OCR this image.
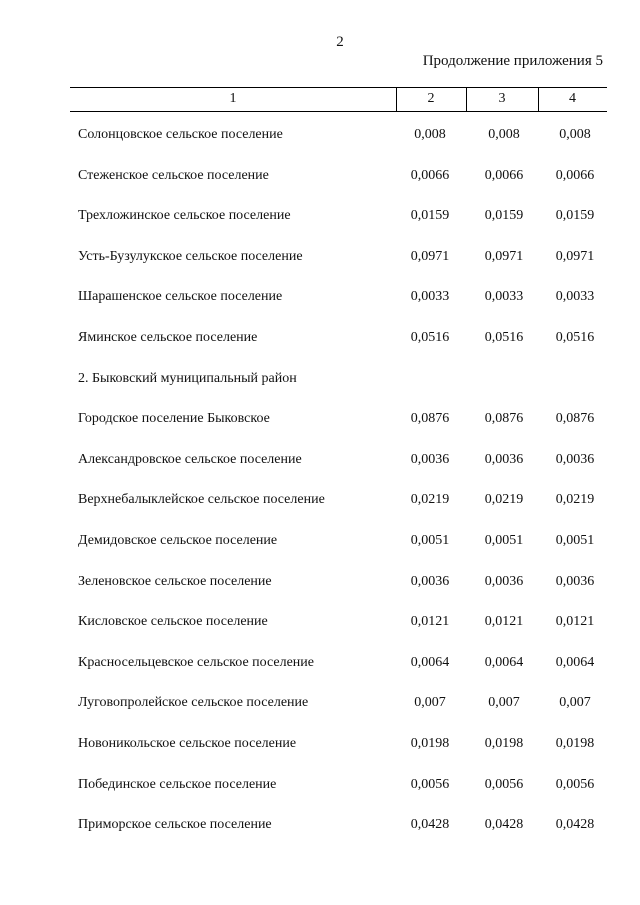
2
Продолжение приложения 5
1	2	3	4
Солонцовское сельское поселение	0,008	0,008	0,008
Стеженское сельское поселение	0,0066	0,0066	0,0066
Трехложинское сельское поселение	0,0159	0,0159	0,0159
Усть-Бузулукское сельское поселение	0,0971	0,0971	0,0971
Шарашенское сельское поселение	0,0033	0,0033	0,0033
Яминское сельское поселение	0,0516	0,0516	0,0516
2. Быковский муниципальный район
Городское поселение Быковское	0,0876	0,0876	0,0876
Александровское сельское поселение	0,0036	0,0036	0,0036
Верхнебалыклейское сельское поселение	0,0219	0,0219	0,0219
Демидовское сельское поселение	0,0051	0,0051	0,0051
Зеленовское сельское поселение	0,0036	0,0036	0,0036
Кисловское сельское поселение	0,0121	0,0121	0,0121
Красносельцевское сельское поселение	0,0064	0,0064	0,0064
Луговопролейское сельское поселение	0,007	0,007	0,007
Новоникольское сельское поселение	0,0198	0,0198	0,0198
Побединское сельское поселение	0,0056	0,0056	0,0056
Приморское сельское поселение	0,0428	0,0428	0,0428
